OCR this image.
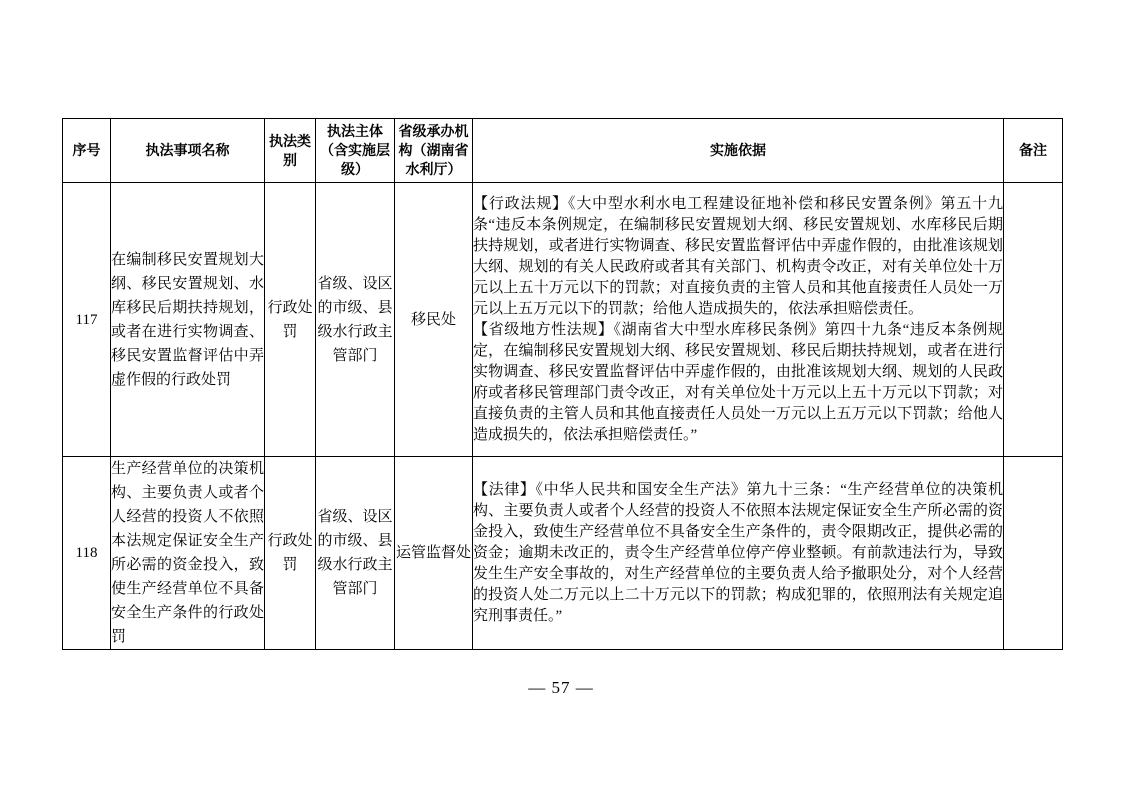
序号	执法事项名称	执法类别	执法主体（含实施层级）	省级承办机构（湖南省水利厅）	实施依据	备注
117	在编制移民安置规划大纲、移民安置规划、水库移民后期扶持规划，或者在进行实物调查、移民安置监督评估中弄虚作假的行政处罚	行政处罚	省级、设区的市级、县级水行政主管部门	移民处	【行政法规】《大中型水利水电工程建设征地补偿和移民安置条例》第五十九条“违反本条例规定，在编制移民安置规划大纲、移民安置规划、水库移民后期扶持规划，或者进行实物调查、移民安置监督评估中弄虚作假的，由批准该规划大纲、规划的有关人民政府或者其有关部门、机构责令改正，对有关单位处十万元以上五十万元以下的罚款；对直接负责的主管人员和其他直接责任人员处一万元以上五万元以下的罚款；给他人造成损失的，依法承担赔偿责任。

【省级地方性法规】《湖南省大中型水库移民条例》第四十九条“违反本条例规定，在编制移民安置规划大纲、移民安置规划、移民后期扶持规划，或者在进行实物调查、移民安置监督评估中弄虚作假的，由批准该规划大纲、规划的人民政府或者移民管理部门责令改正，对有关单位处十万元以上五十万元以下罚款；对直接负责的主管人员和其他直接责任人员处一万元以上五万元以下罚款；给他人造成损失的，依法承担赔偿责任。”	

118	生产经营单位的决策机构、主要负责人或者个人经营的投资人不依照本法规定保证安全生产所必需的资金投入，致使生产经营单位不具备安全生产条件的行政处罚	行政处罚	省级、设区的市级、县级水行政主管部门	运管监督处	【法律】《中华人民共和国安全生产法》第九十三条：“生产经营单位的决策机构、主要负责人或者个人经营的投资人不依照本法规定保证安全生产所必需的资金投入，致使生产经营单位不具备安全生产条件的，责令限期改正，提供必需的资金；逾期未改正的，责令生产经营单位停产停业整顿。有前款违法行为，导致发生生产安全事故的，对生产经营单位的主要负责人给予撤职处分，对个人经营的投资人处二万元以上二十万元以下的罚款；构成犯罪的，依照刑法有关规定追究刑事责任。”	

— 57 —
